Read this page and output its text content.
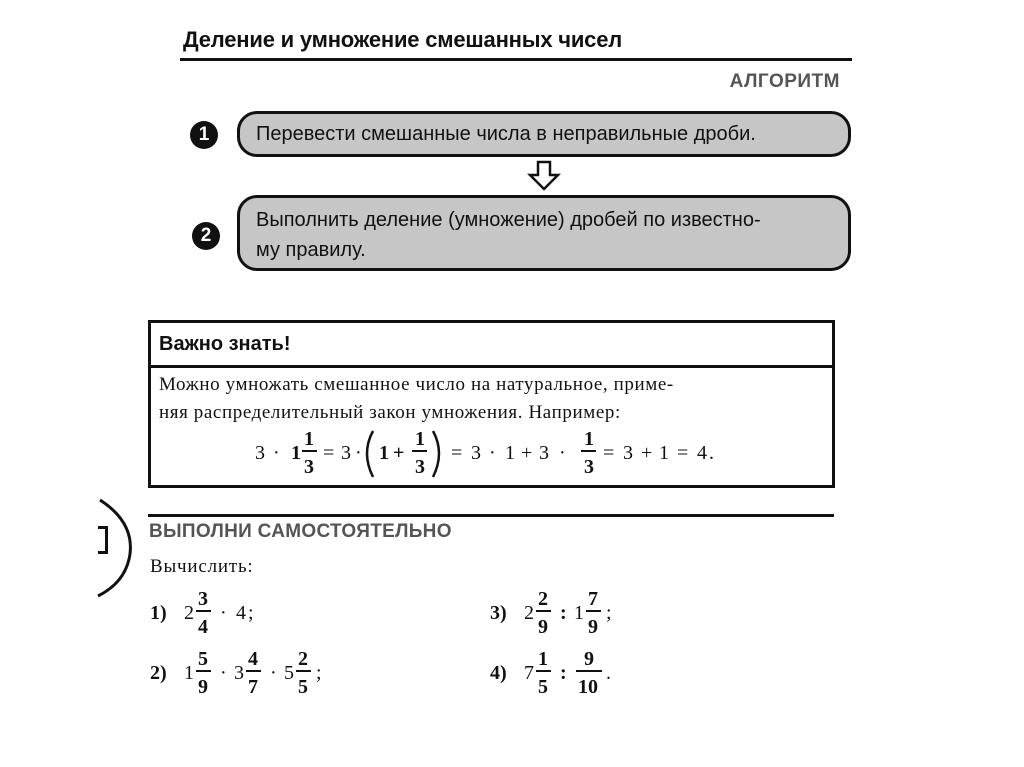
Деление и умножение смешанных чисел
АЛГОРИТМ
1	Перевести смешанные числа в неправильные дроби.
2
Выполнить деление (умножение) дробей по известно-
му правилу.
Важно знать!
Можно умножать смешанное число на натуральное, приме-
няя распределительный закон умножения. Например:
3 · 1
1
3
= 3 · 1 +
1
3
= 3 · 1 + 3 ·
1
3
= 3 + 1 = 4 .
ВЫПОЛНИ САМОСТОЯТЕЛЬНО
Вычислить:
1) 2
3
4
· 4 ;
2) 1
5
9
· 3
4
7
· 5
2
5
;
3) 2
2
9
: 1
7
9
;
4) 7
1
5
:
9
10
.
